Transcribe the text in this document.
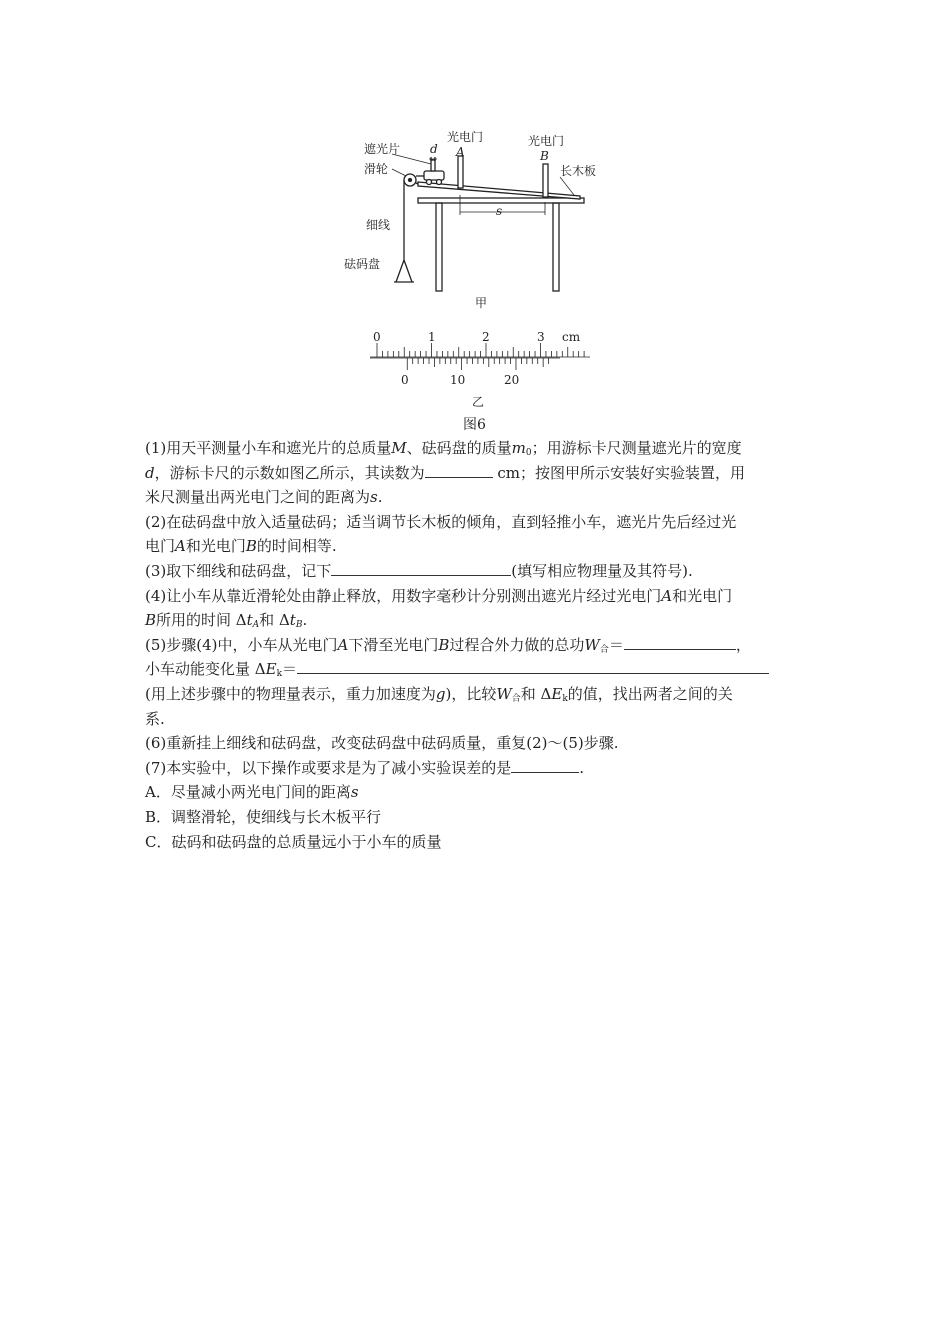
遮光片 d
滑轮
光电门
A
光电门
B
长木板
细线
砝码盘
s
甲
0	1	2	3 cm
0	10	20
乙
图6
(1)用天平测量小车和遮光片的总质量M、砝码盘的质量$m_0$；用游标卡尺测量遮光片的宽度
d，游标卡尺的示数如图乙所示，其读数为	cm；按图甲所示安装好实验装置，用
米尺测量出两光电门之间的距离为s.
(2)在砝码盘中放入适量砝码；适当调节长木板的倾角，直到轻推小车，遮光片先后经过光
电门A和光电门B的时间相等.
(3)取下细线和砝码盘，记下	(填写相应物理量及其符号).
(4)让小车从靠近滑轮处由静止释放，用数字毫秒计分别测出遮光片经过光电门A和光电门
B所用的时间 $\Delta t_A$和 $\Delta t_B$.
(5)步骤(4)中，小车从光电门A下滑至光电门B过程合外力做的总功$W_合=$	，
小车动能变化量 $\Delta E_k=$
(用上述步骤中的物理量表示，重力加速度为g)，比较$W_合$和 $\Delta E_k$的值，找出两者之间的关
系.
(6)重新挂上细线和砝码盘，改变砝码盘中砝码质量，重复(2)～(5)步骤.
(7)本实验中，以下操作或要求是为了减小实验误差的是	.
A．尽量减小两光电门间的距离s
B．调整滑轮，使细线与长木板平行
C．砝码和砝码盘的总质量远小于小车的质量
